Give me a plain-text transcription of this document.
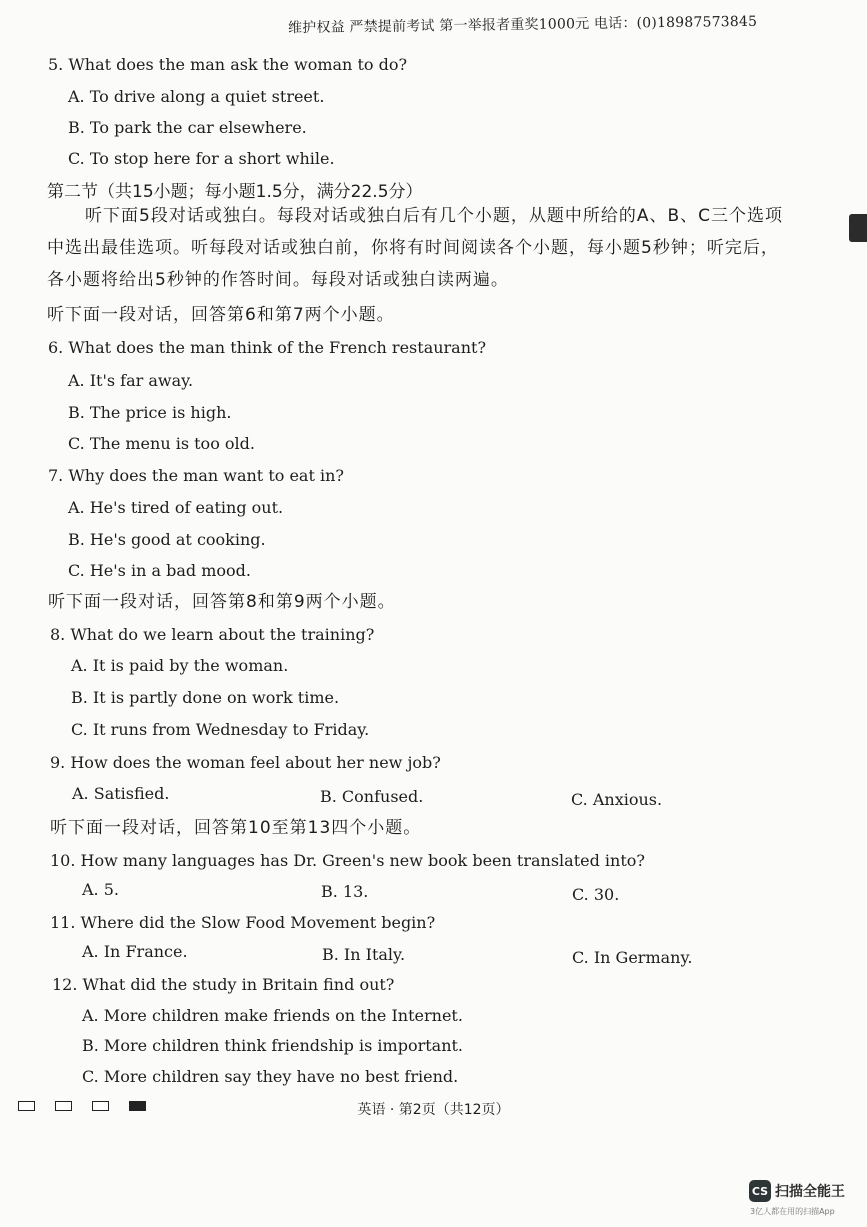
维护权益 严禁提前考试 第一举报者重奖1000元 电话：(0)18987573845
5. What does the man ask the woman to do?
A. To drive along a quiet street.
B. To park the car elsewhere.
C. To stop here for a short while.
第二节（共15小题；每小题1.5分，满分22.5分）
听下面5段对话或独白。每段对话或独白后有几个小题，从题中所给的A、B、C三个选项中选出最佳选项。听每段对话或独白前，你将有时间阅读各个小题，每小题5秒钟；听完后，各小题将给出5秒钟的作答时间。每段对话或独白读两遍。
听下面一段对话，回答第6和第7两个小题。
6. What does the man think of the French restaurant?
A. It's far away.
B. The price is high.
C. The menu is too old.
7. Why does the man want to eat in?
A. He's tired of eating out.
B. He's good at cooking.
C. He's in a bad mood.
听下面一段对话，回答第8和第9两个小题。
8. What do we learn about the training?
A. It is paid by the woman.
B. It is partly done on work time.
C. It runs from Wednesday to Friday.
9. How does the woman feel about her new job?
A. Satisfied.	B. Confused.	C. Anxious.
听下面一段对话，回答第10至第13四个小题。
10. How many languages has Dr. Green's new book been translated into?
A. 5.	B. 13.	C. 30.
11. Where did the Slow Food Movement begin?
A. In France.	B. In Italy.	C. In Germany.
12. What did the study in Britain find out?
A. More children make friends on the Internet.
B. More children think friendship is important.
C. More children say they have no best friend.
英语 · 第2页（共12页）
CS 扫描全能王
3亿人都在用的扫描App
